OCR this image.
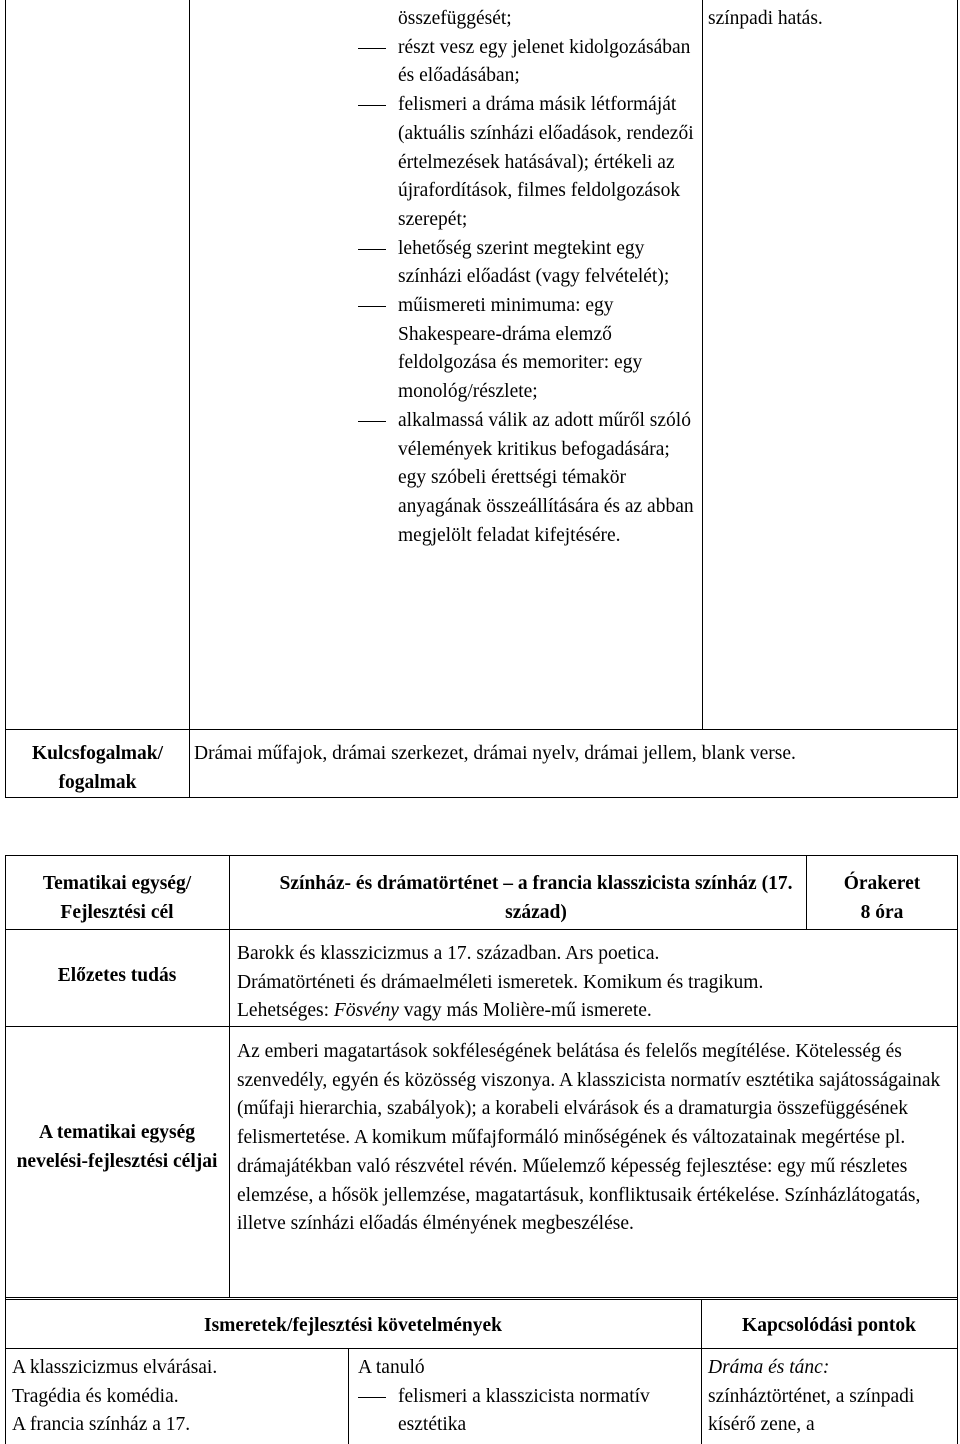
összefüggését;

részt vesz egy jelenet kidolgozásában és előadásában;
felismeri a dráma másik létformáját (aktuális színházi előadások, rendezői értelmezések hatásával); értékeli az újrafordítások, filmes feldolgozások szerepét;
lehetőség szerint megtekint egy színházi előadást (vagy felvételét);
műismereti minimuma: egy Shakespeare-dráma elemző feldolgozása és memoriter: egy monológ/részlete;
alkalmassá válik az adott műről szóló vélemények kritikus befogadására; egy szóbeli érettségi témakör anyagának összeállítására és az abban megjelölt feladat kifejtésére.
színpadi hatás.
Kulcsfogalmak/ fogalmak
Drámai műfajok, drámai szerkezet, drámai nyelv, drámai jellem, blank verse.
Tematikai egység/ Fejlesztési cél
Színház- és drámatörténet – a francia klasszicista színház (17. század)
Órakeret
8 óra
Előzetes tudás

Barokk és klasszicizmus a 17. században. Ars poetica.

Drámatörténeti és drámaelméleti ismeretek. Komikum és tragikum.

Lehetséges: Fösvény vagy más Molière-mű ismerete.

A tematikai egység nevelési-fejlesztési céljai
Az emberi magatartások sokféleségének belátása és felelős megítélése. Kötelesség és szenvedély, egyén és közösség viszonya. A klasszicista normatív esztétika sajátosságainak (műfaji hierarchia, szabályok); a korabeli elvárások és a dramaturgia összefüggésének felismertetése. A komikum műfajformáló minőségének és változatainak megértése pl. drámajátékban való részvétel révén. Műelemző képesség fejlesztése: egy mű részletes elemzése, a hősök jellemzése, magatartásuk, konfliktusaik értékelése. Színházlátogatás, illetve színházi előadás élményének megbeszélése.
Ismeretek/fejlesztési követelmények	Kapcsolódási pontok

A klasszicizmus elvárásai.

Tragédia és komédia.

A francia színház a 17.

A tanuló

felismeri a klasszicista normatív esztétika

Dráma és tánc:

színháztörténet, a színpadi kísérő zene, a
